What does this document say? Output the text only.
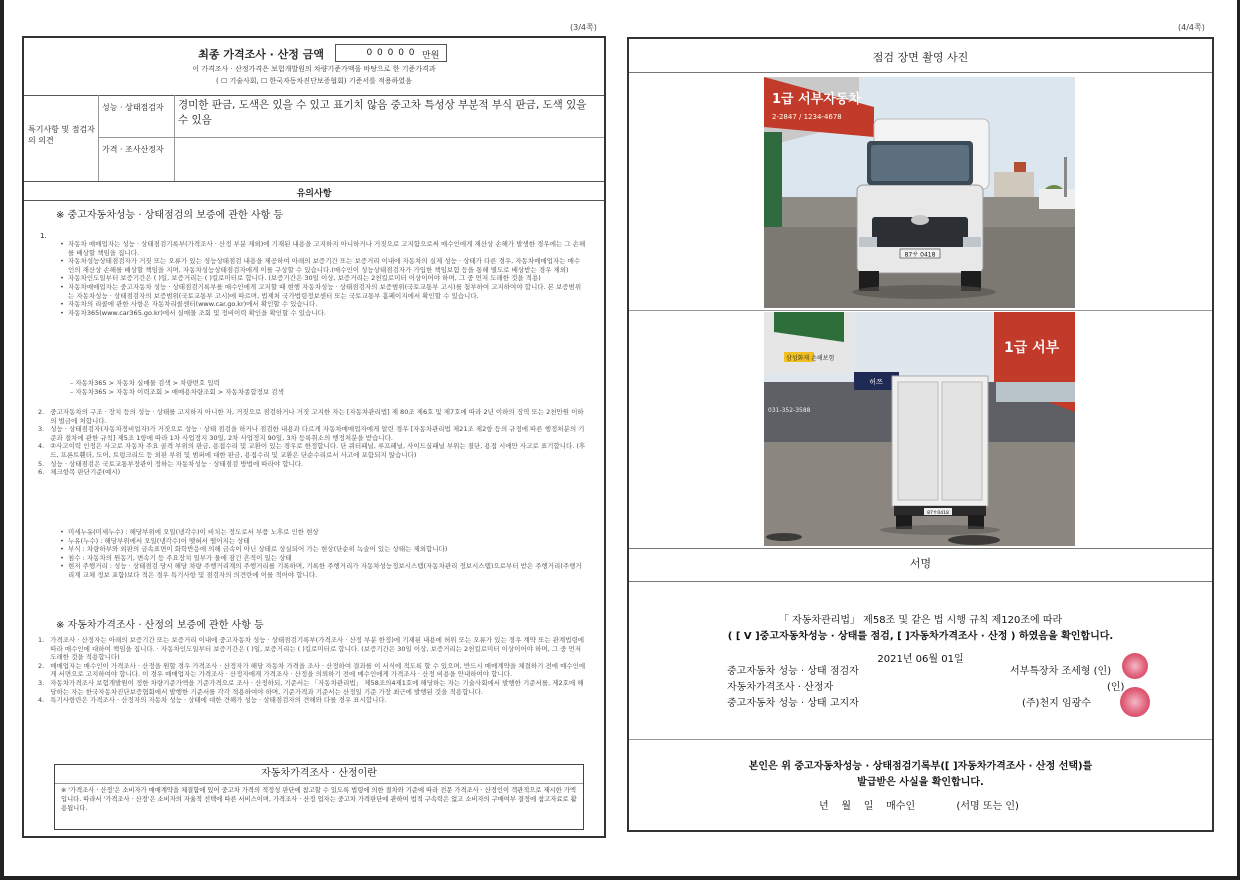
(3/4쪽)	(4/4쪽)
최종 가격조사 · 산정 금액	0 0 0 0 0 만원
이 가격조사 · 산정가격은 보험개발원의 차량기준가액을 바탕으로 한 기준가격과
( ☐ 기술사회, ☐ 한국자동차진단보증협회) 기준서를 적용하였음
특기사항 및 점검자의 의견
성능 · 상태점검자	경미한 판금, 도색은 있을 수 있고 표기치 않음 중고차 특성상 부분적 부식 판금, 도색 있을 수 있음
가격 · 조사산정자
유의사항
※ 중고자동차성능 · 상태점검의 보증에 관한 사항 등
1.
• 자동차 매매업자는 성능 · 상태점검기록부(가격조사 · 산정 부분 제외)에 기재된 내용을 고지하지 아니하거나 거짓으로 고지함으로써 매수인에게 재산상 손해가 발생한 경우에는 그 손해를 배상할 책임을 집니다.
• 자동차성능상태점검자가 거짓 또는 오류가 있는 성능상태점검 내용을 제공하여 아래의 보증기간 또는 보증거리 이내에 자동차의 실제 성능 · 상태가 다른 경우, 자동차매매업자는 매수인의 재산상 손해를 배상할 책임을 지며, 자동차성능상태점검자에게 이를 구상할 수 있습니다.(매수인이 성능상태점검자가 가입한 책임보험 등을 통해 별도로 배상받는 경우 제외)
• 자동차인도일부터 보증기간은 ( )일, 보증거리는 ( )킬로미터로 합니다. (보증기간은 30일 이상, 보증거리는 2천킬로미터 이상이어야 하며, 그 중 먼저 도래한 것을 적용)
• 자동차매매업자는 중고자동차 성능 · 상태점검기록부를 매수인에게 고지할 때 현행 자동차성능 · 상태점검자의 보증범위(국토교통부 고시)를 첨부하여 고지하여야 합니다. 본 보증범위는 자동차성능 · 상태점검자의 보증범위(국토교통부 고시)에 따르며, 법제처 국가법령정보센터 또는 국토교통부 홈페이지에서 확인할 수 있습니다.
• 자동차의 리콜에 관한 사항은 자동차리콜센터(www.car.go.kr)에서 확인할 수 있습니다.
• 자동차365(www.car365.go.kr)에서 실매물 조회 및 정비이력 확인을 확인할 수 있습니다.
– 자동차365 > 자동차 실매물 검색 > 차량번호 입력
– 자동차365 > 자동차 이력조회 > 매매용차량조회 > 자동차종합정보 검색
2. 중고자동차의 구조 · 장치 등의 성능 · 상태를 고지하지 아니한 자, 거짓으로 점검하거나 거짓 고지한 자는 [자동차관리법] 제 80조 제6호 및 제7호에 따라 2년 이하의 징역 또는 2천만원 이하의 벌금에 처합니다.
3. 성능 · 상태점검자(자동차정비업자)가 거짓으로 성능 · 상태 점검을 하거나 점검한 내용과 다르게 자동차매매업자에게 알린 경우 [자동차관리법 제21조 제2항 등의 규정에 따른 행정처분의 기준과 절차에 관한 규칙] 제5조 1항에 따라 1차 사업정지 30일, 2차 사업정지 90일, 3차 등록취소의 행정처분을 받습니다.
4. ②사고이력 인정은 사고로 자동차 주요 골격 부위의 판금, 용접수리 및 교환이 있는 경우로 한정합니다. 단 쿼터패널, 루프패널, 사이드실패널 부위는 절단, 용접 시에만 사고로 표기합니다. (후드, 프론트휀더, 도어, 트렁크리드 등 외판 부위 및 범퍼에 대한 판금, 용접수리 및 교환은 단순수리로서 사고에 포함되지 않습니다)
5. 성능 · 상태점검은 국토교통부장관이 정하는 자동차성능 · 상태점검 방법에 따라야 합니다.
6. 체크항목 판단기준(예시)
• 미세누유(미세누수) : 해당부위에 오일(냉각수)이 비치는 정도로서 부품 노후로 인한 현상
• 누유(누수) : 해당부위에서 오일(냉각수)이 맺혀서 떨어지는 상태
• 부식 : 차량하부와 외판의 금속표면이 화학반응에 의해 금속이 아닌 상태로 상실되어 가는 현상(단순히 녹슬어 있는 상태는 제외합니다)
• 침수 : 자동차의 원동기, 변속기 등 주요장치 일부가 물에 잠긴 흔적이 있는 상태
• 현저 주행거리 : 성능 · 상태점검 당시 해당 차량 주행거리계의 주행거리를 기록하며, 기록한 주행거리가 자동차성능정보시스템(자동차관리 정보시스템)으로부터 받은 주행거리(주행거리계 교체 정보 포함)보다 적은 경우 특기사항 및 점검자의 의견란에 이를 적어야 합니다.
※ 자동차가격조사 · 산정의 보증에 관한 사항 등
1. 가격조사 · 산정자는 아래의 보증기간 또는 보증거리 이내에 중고자동차 성능 · 상태점검기록부(가격조사 · 산정 부분 한정)에 기재된 내용에 허위 또는 오류가 있는 경우 계약 또는 관계법령에 따라 매수인에 대하여 책임을 집니다. · 자동차인도일부터 보증기간은 ( )일, 보증거리는 ( )킬로미터로 합니다. (보증기간은 30일 이상, 보증거리는 2천킬로미터 이상이어야 하며, 그 중 먼저 도래한 것을 적용합니다)
2. 매매업자는 매수인이 가격조사 · 산정을 원할 경우 가격조사 · 산정자가 해당 자동차 가격을 조사 · 산정하여 결과를 이 서식에 적도록 할 수 있으며, 반드시 매매계약을 체결하기 전에 매수인에게 서면으로 고지하여야 합니다. 이 경우 매매업자는 가격조사 · 산정자에게 가격조사 · 산정을 의뢰하기 전에 매수인에게 가격조사 · 산정 비용을 안내하여야 합니다.
3. 자동차가격조사 보험개발원이 정한 차량기준가액을 기준가격으로 조사 · 산정하되, 기준서는 「자동차관리법」 제58조의4제1호에 해당하는 자는 기술사회에서 발행한 기준서를, 제2호에 해당하는 자는 한국자동차진단보증협회에서 발행한 기준서를 각각 적용하여야 하며, 기준가격과 기준서는 산정일 기준 가장 최근에 발행된 것을 적용합니다.
4. 특기사항란은 가격조사 · 산정자의 자동차 성능 · 상태에 대한 견해가 성능 · 상태점검자의 견해와 다를 경우 표시합니다.
자동차가격조사 · 산정이란
※ '가격조사 · 산정'은 소비자가 매매계약을 체결함에 있어 중고차 가격의 적정성 판단에 참고할 수 있도록 법령에 의한 절차와 기준에 따라 전문 가격조사 · 산정인이 객관적으로 제시한 가액입니다. 따라서 '가격조사 · 산정'은 소비자의 자율적 선택에 따른 서비스이며, 가격조사 · 산정 업자는 중고차 가격판단에 관하여 법적 구속력은 없고 소비자의 구매여부 결정에 참고자료로 활용됩니다.
점검 장면 촬영 사진
1급 서부자동차
2-2847 / 1234-4678
87サ 0418
삼성화재 손해보험
031-352-3588
허쯔
1급 서부
87サ0418
서명
「 자동차관리법」 제58조 및 같은 법 시행 규칙 제120조에 따라
( [ V ]중고자동차성능 · 상태를 점검, [ ]자동차가격조사 · 산정 ) 하였음을 확인합니다.
2021년 06월 01일
중고자동차 성능 · 상태 점검자	서부특장차 조세형 (인)
자동차가격조사 · 산정자	(인)
중고자동차 성능 · 상태 고지자	(주)천지 임광수
본인은 위 중고자동차성능 · 상태점검기록부([ ]자동차가격조사 · 산정 선택)를
발급받은 사실을 확인합니다.
년    월    일    매수인             (서명 또는 인)
